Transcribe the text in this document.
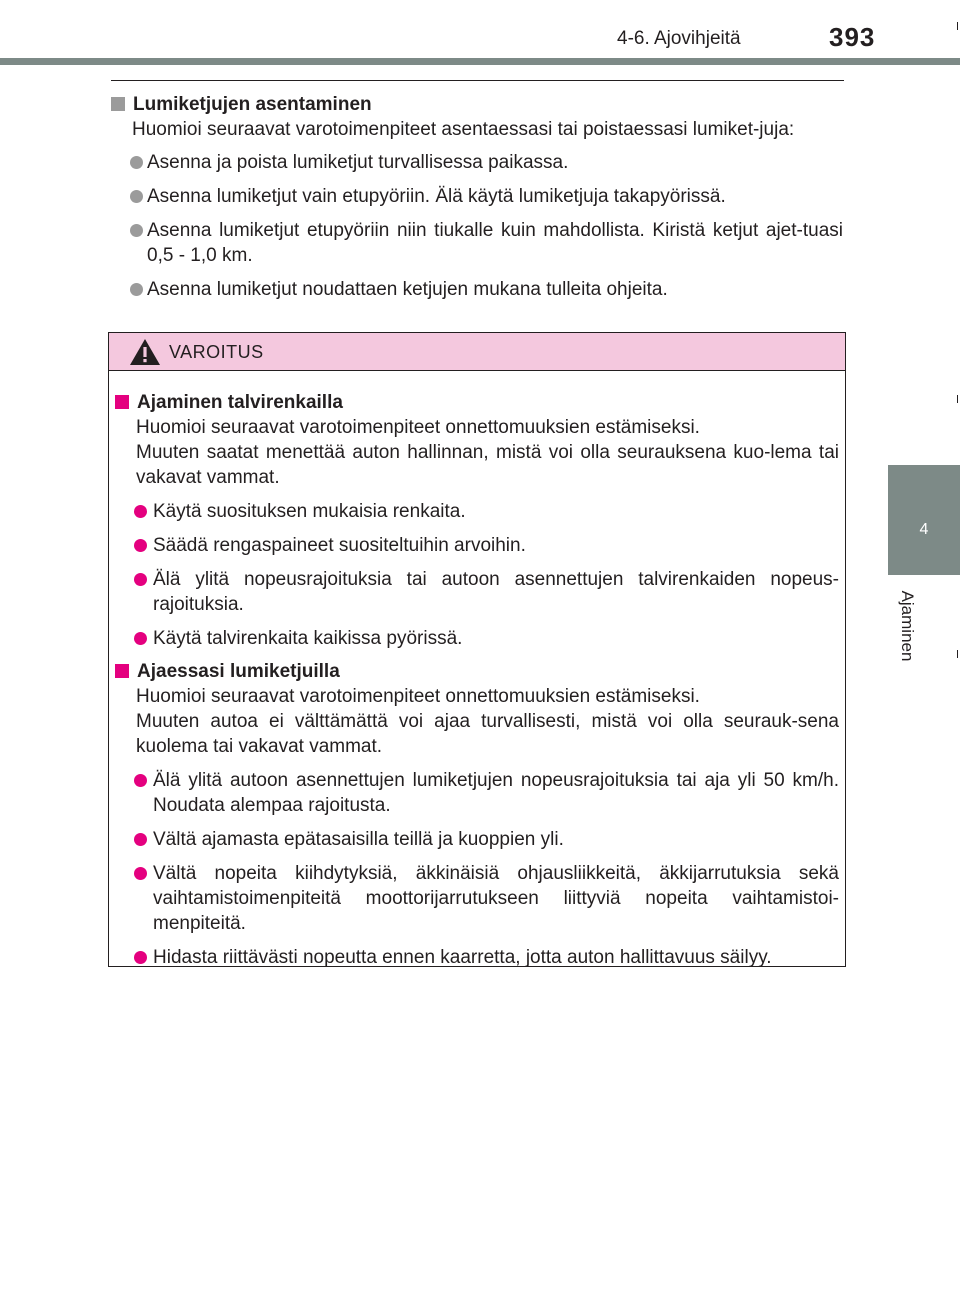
4-6. Ajovihjeitä	393
4
Ajaminen
Lumiketjujen asentaminen
Huomioi seuraavat varotoimenpiteet asentaessasi tai poistaessasi lumiket-juja:
Asenna ja poista lumiketjut turvallisessa paikassa.
Asenna lumiketjut vain etupyöriin. Älä käytä lumiketjuja takapyörissä.
Asenna lumiketjut etupyöriin niin tiukalle kuin mahdollista. Kiristä ketjut ajet-tuasi 0,5 - 1,0 km.
Asenna lumiketjut noudattaen ketjujen mukana tulleita ohjeita.
VAROITUS
Ajaminen talvirenkailla
Huomioi seuraavat varotoimenpiteet onnettomuuksien estämiseksi.
Muuten saatat menettää auton hallinnan, mistä voi olla seurauksena kuo-lema tai vakavat vammat.
Käytä suosituksen mukaisia renkaita.
Säädä rengaspaineet suositeltuihin arvoihin.
Älä ylitä nopeusrajoituksia tai autoon asennettujen talvirenkaiden nopeus-rajoituksia.
Käytä talvirenkaita kaikissa pyörissä.
Ajaessasi lumiketjuilla
Huomioi seuraavat varotoimenpiteet onnettomuuksien estämiseksi.
Muuten autoa ei välttämättä voi ajaa turvallisesti, mistä voi olla seurauk-sena kuolema tai vakavat vammat.
Älä ylitä autoon asennettujen lumiketjujen nopeusrajoituksia tai aja yli 50 km/h. Noudata alempaa rajoitusta.
Vältä ajamasta epätasaisilla teillä ja kuoppien yli.
Vältä nopeita kiihdytyksiä, äkkinäisiä ohjausliikkeitä, äkkijarrutuksia sekä vaihtamistoimenpiteitä moottorijarrutukseen liittyviä nopeita vaihtamistoi-menpiteitä.
Hidasta riittävästi nopeutta ennen kaarretta, jotta auton hallittavuus säilyy.
